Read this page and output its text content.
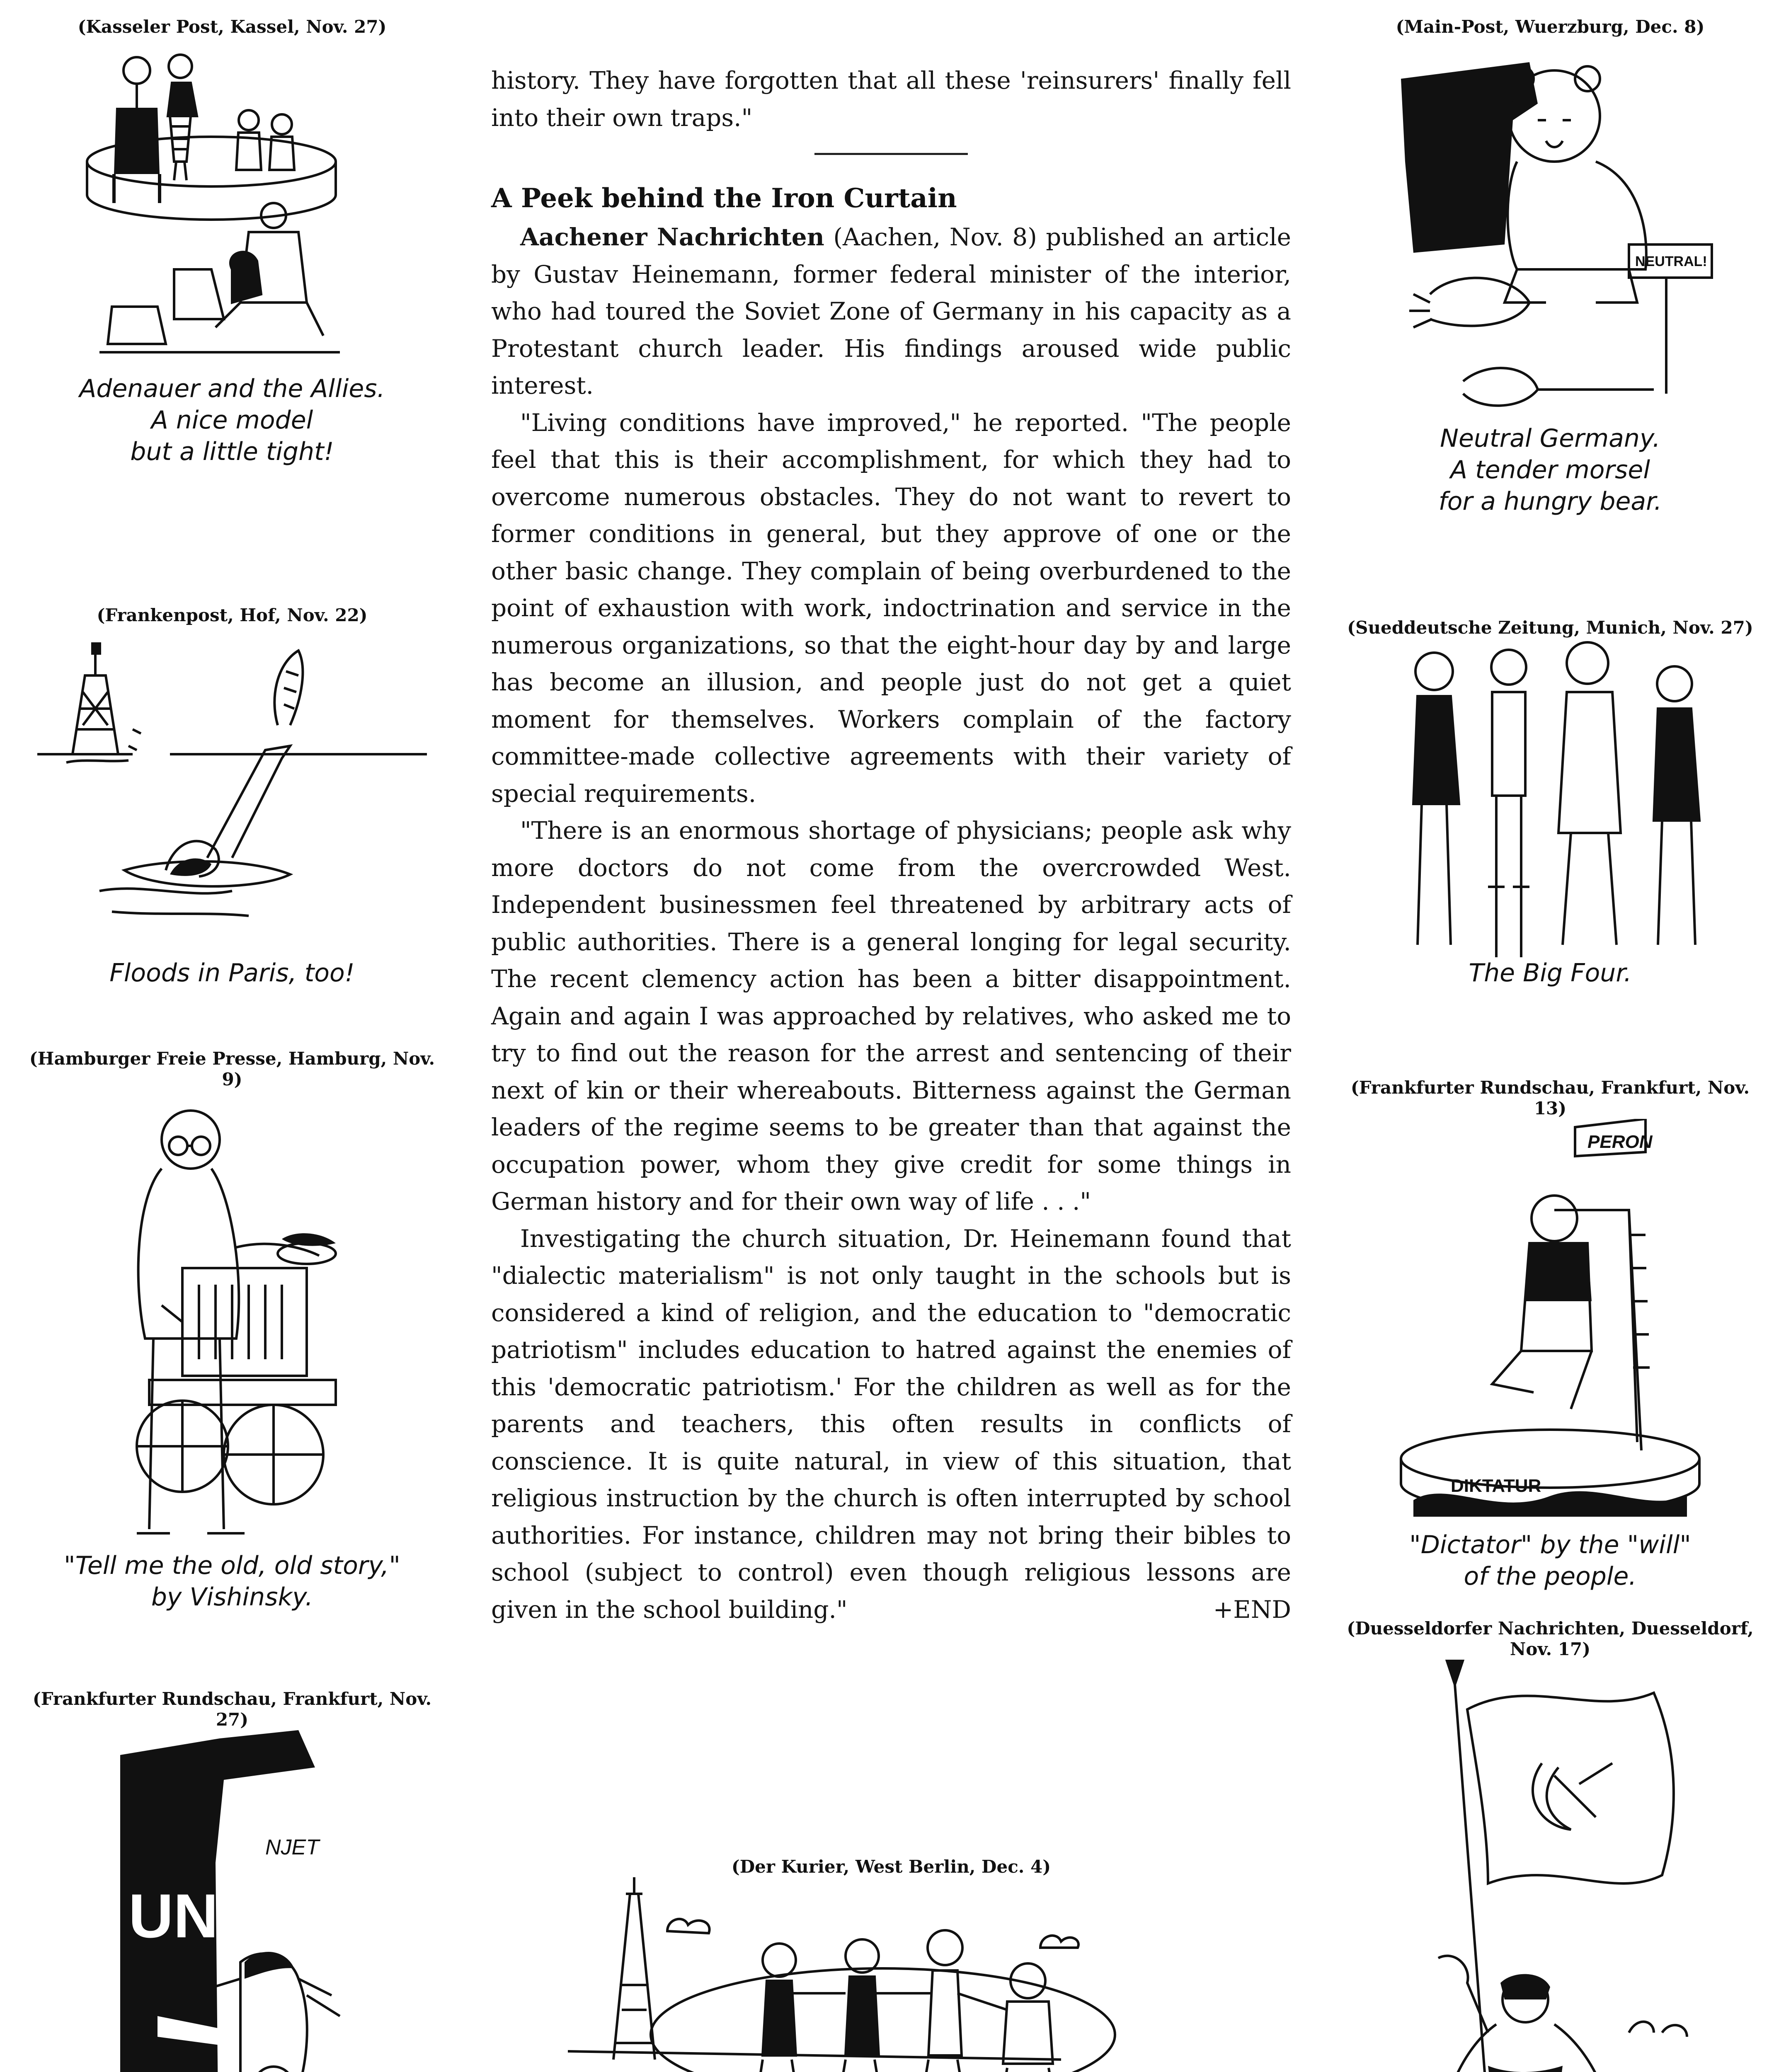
(Kasseler Post, Kassel, Nov. 27)

Adenauer and the Allies.
A nice model
but a little tight!

(Frankenpost, Hof, Nov. 22)

Floods in Paris, too!

(Hamburger Freie Presse, Hamburg, Nov. 9)

"Tell me the old, old story,"
by Vishinsky.

(Frankfurter Rundschau, Frankfurt, Nov. 27)

UN
NJET

history. They have forgotten that all these 'reinsurers' finally fell into their own traps."

A Peek behind the Iron Curtain

Aachener Nachrichten (Aachen, Nov. 8) published an article by Gustav Heinemann, former federal minister of the interior, who had toured the Soviet Zone of Germany in his capacity as a Protestant church leader. His findings aroused wide public interest.

"Living conditions have improved," he reported. "The people feel that this is their accomplishment, for which they had to overcome numerous obstacles. They do not want to revert to former conditions in general, but they approve of one or the other basic change. They complain of being overburdened to the point of exhaustion with work, indoctrination and service in the numerous organizations, so that the eight-hour day by and large has become an illusion, and people just do not get a quiet moment for themselves. Workers complain of the factory committee-made collective agreements with their variety of special requirements.

"There is an enormous shortage of physicians; people ask why more doctors do not come from the overcrowded West. Independent businessmen feel threatened by arbitrary acts of public authorities. There is a general longing for legal security. The recent clemency action has been a bitter disappointment. Again and again I was approached by relatives, who asked me to try to find out the reason for the arrest and sentencing of their next of kin or their whereabouts. Bitterness against the German leaders of the regime seems to be greater than that against the occupation power, whom they give credit for some things in German history and for their own way of life . . ."

Investigating the church situation, Dr. Heinemann found that "dialectic materialism" is not only taught in the schools but is considered a kind of religion, and the education to "democratic patriotism" includes education to hatred against the enemies of this 'democratic patriotism.' For the children as well as for the parents and teachers, this often results in conflicts of conscience. It is quite natural, in view of this situation, that religious instruction by the church is often interrupted by school authorities. For instance, children may not bring their bibles to school (subject to control) even though religious lessons are given in the school building."	+END

(Der Kurier, West Berlin, Dec. 4)

(Main-Post, Wuerzburg, Dec. 8)

NEUTRAL!
Neutral Germany.
A tender morsel
for a hungry bear.

(Sueddeutsche Zeitung, Munich, Nov. 27)

The Big Four.

(Frankfurter Rundschau, Frankfurt, Nov. 13)

PERON
DIKTATUR
"Dictator" by the "will"
of the people.

(Duesseldorfer Nachrichten, Duesseldorf, Nov. 17)
